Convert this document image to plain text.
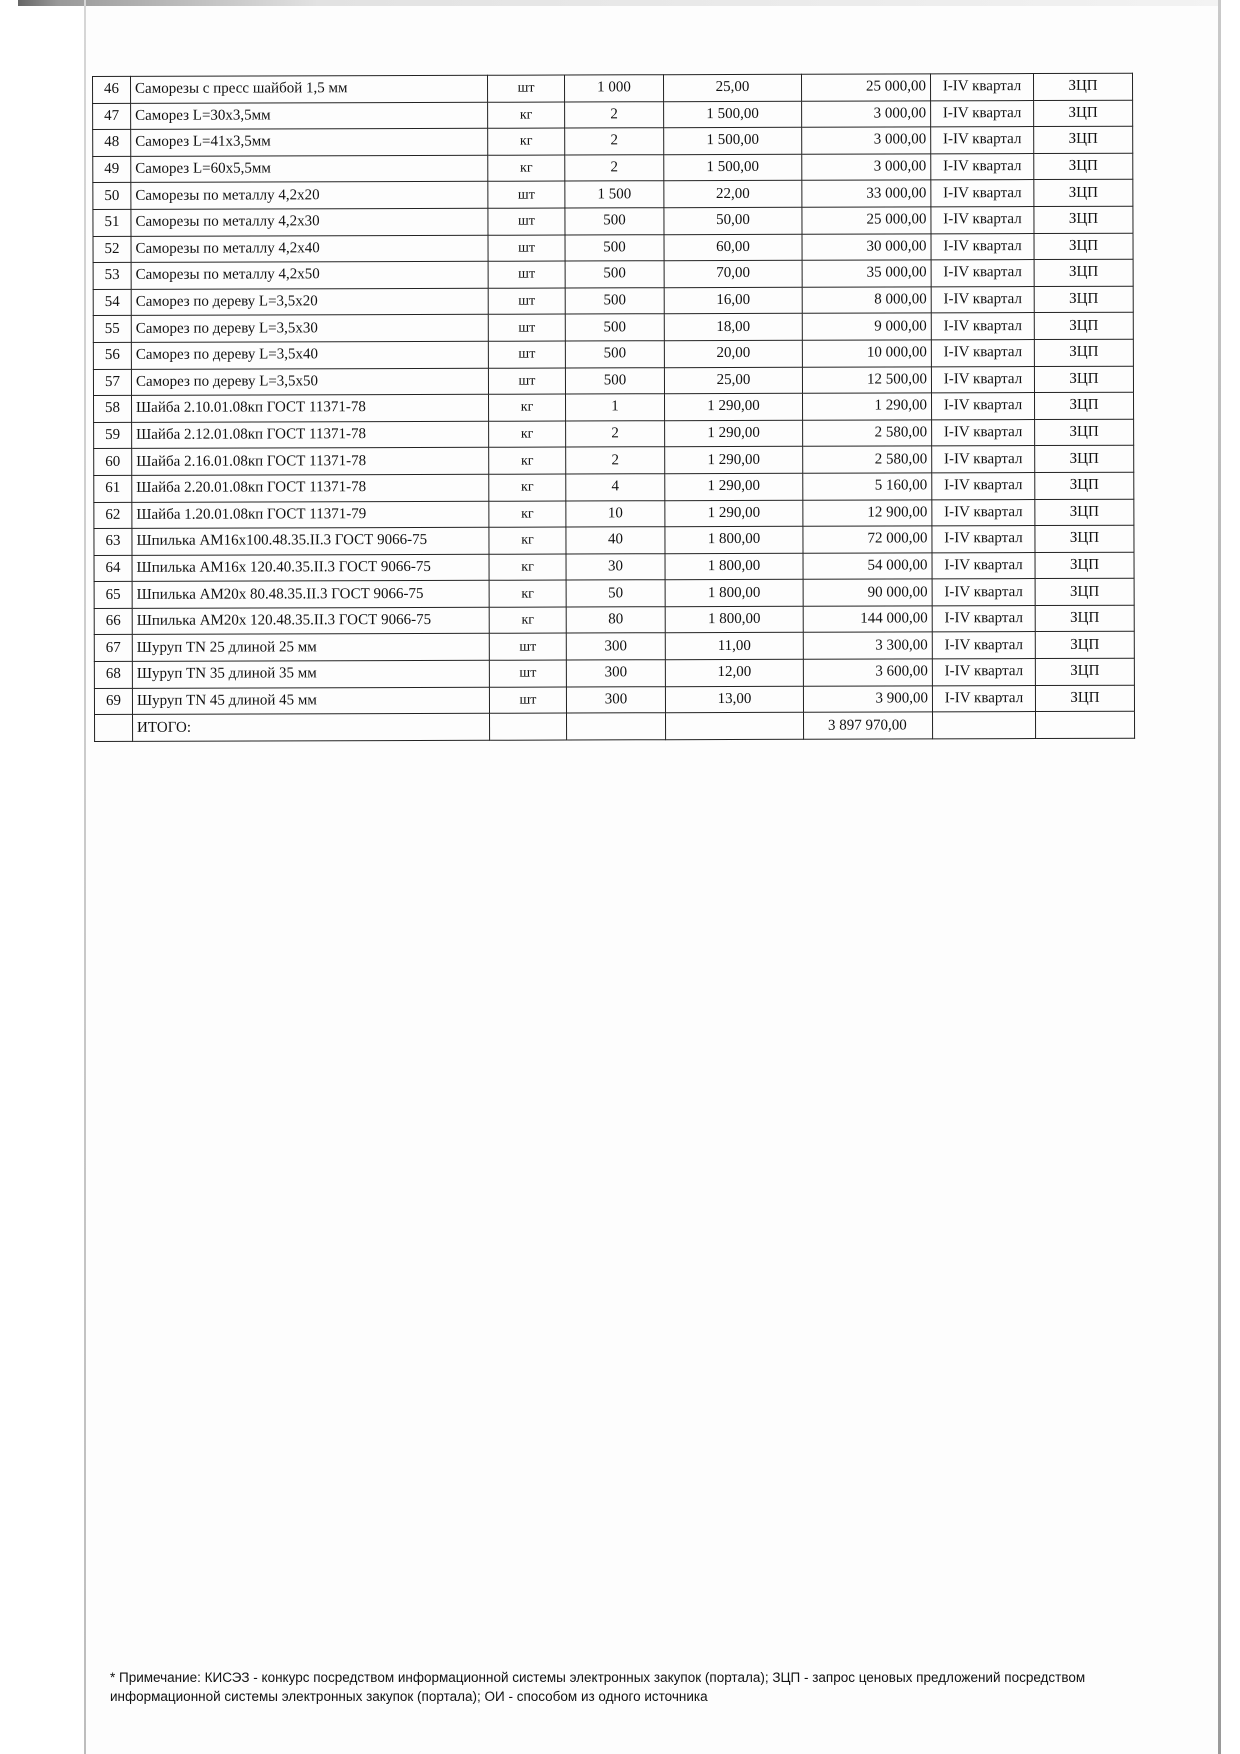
46	Саморезы с пресс шайбой 1,5 мм	шт	1 000	25,00	25 000,00	I-IV квартал	ЗЦП
47	Саморез L=30x3,5мм	кг	2	1 500,00	3 000,00	I-IV квартал	ЗЦП
48	Саморез L=41x3,5мм	кг	2	1 500,00	3 000,00	I-IV квартал	ЗЦП
49	Саморез L=60x5,5мм	кг	2	1 500,00	3 000,00	I-IV квартал	ЗЦП
50	Саморезы по металлу 4,2x20	шт	1 500	22,00	33 000,00	I-IV квартал	ЗЦП
51	Саморезы по металлу 4,2x30	шт	500	50,00	25 000,00	I-IV квартал	ЗЦП
52	Саморезы по металлу 4,2x40	шт	500	60,00	30 000,00	I-IV квартал	ЗЦП
53	Саморезы по металлу 4,2x50	шт	500	70,00	35 000,00	I-IV квартал	ЗЦП
54	Саморез по дереву L=3,5x20	шт	500	16,00	8 000,00	I-IV квартал	ЗЦП
55	Саморез по дереву L=3,5x30	шт	500	18,00	9 000,00	I-IV квартал	ЗЦП
56	Саморез по дереву L=3,5x40	шт	500	20,00	10 000,00	I-IV квартал	ЗЦП
57	Саморез по дереву L=3,5x50	шт	500	25,00	12 500,00	I-IV квартал	ЗЦП
58	Шайба 2.10.01.08кп ГОСТ 11371-78	кг	1	1 290,00	1 290,00	I-IV квартал	ЗЦП
59	Шайба 2.12.01.08кп ГОСТ 11371-78	кг	2	1 290,00	2 580,00	I-IV квартал	ЗЦП
60	Шайба 2.16.01.08кп ГОСТ 11371-78	кг	2	1 290,00	2 580,00	I-IV квартал	ЗЦП
61	Шайба 2.20.01.08кп ГОСТ 11371-78	кг	4	1 290,00	5 160,00	I-IV квартал	ЗЦП
62	Шайба 1.20.01.08кп ГОСТ 11371-79	кг	10	1 290,00	12 900,00	I-IV квартал	ЗЦП
63	Шпилька АМ16x100.48.35.II.3 ГОСТ 9066-75	кг	40	1 800,00	72 000,00	I-IV квартал	ЗЦП
64	Шпилька АМ16x 120.40.35.II.3 ГОСТ 9066-75	кг	30	1 800,00	54 000,00	I-IV квартал	ЗЦП
65	Шпилька АМ20x 80.48.35.II.3 ГОСТ 9066-75	кг	50	1 800,00	90 000,00	I-IV квартал	ЗЦП
66	Шпилька АМ20x 120.48.35.II.3 ГОСТ 9066-75	кг	80	1 800,00	144 000,00	I-IV квартал	ЗЦП
67	Шуруп TN 25 длиной 25 мм	шт	300	11,00	3 300,00	I-IV квартал	ЗЦП
68	Шуруп TN 35 длиной 35 мм	шт	300	12,00	3 600,00	I-IV квартал	ЗЦП
69	Шуруп TN 45 длиной 45 мм	шт	300	13,00	3 900,00	I-IV квартал	ЗЦП
	ИТОГО:				3 897 970,00		
* Примечание: КИСЭЗ - конкурс посредством информационной системы электронных закупок (портала); ЗЦП - запрос ценовых предложений посредством информационной системы электронных закупок (портала); ОИ - способом из одного источника
